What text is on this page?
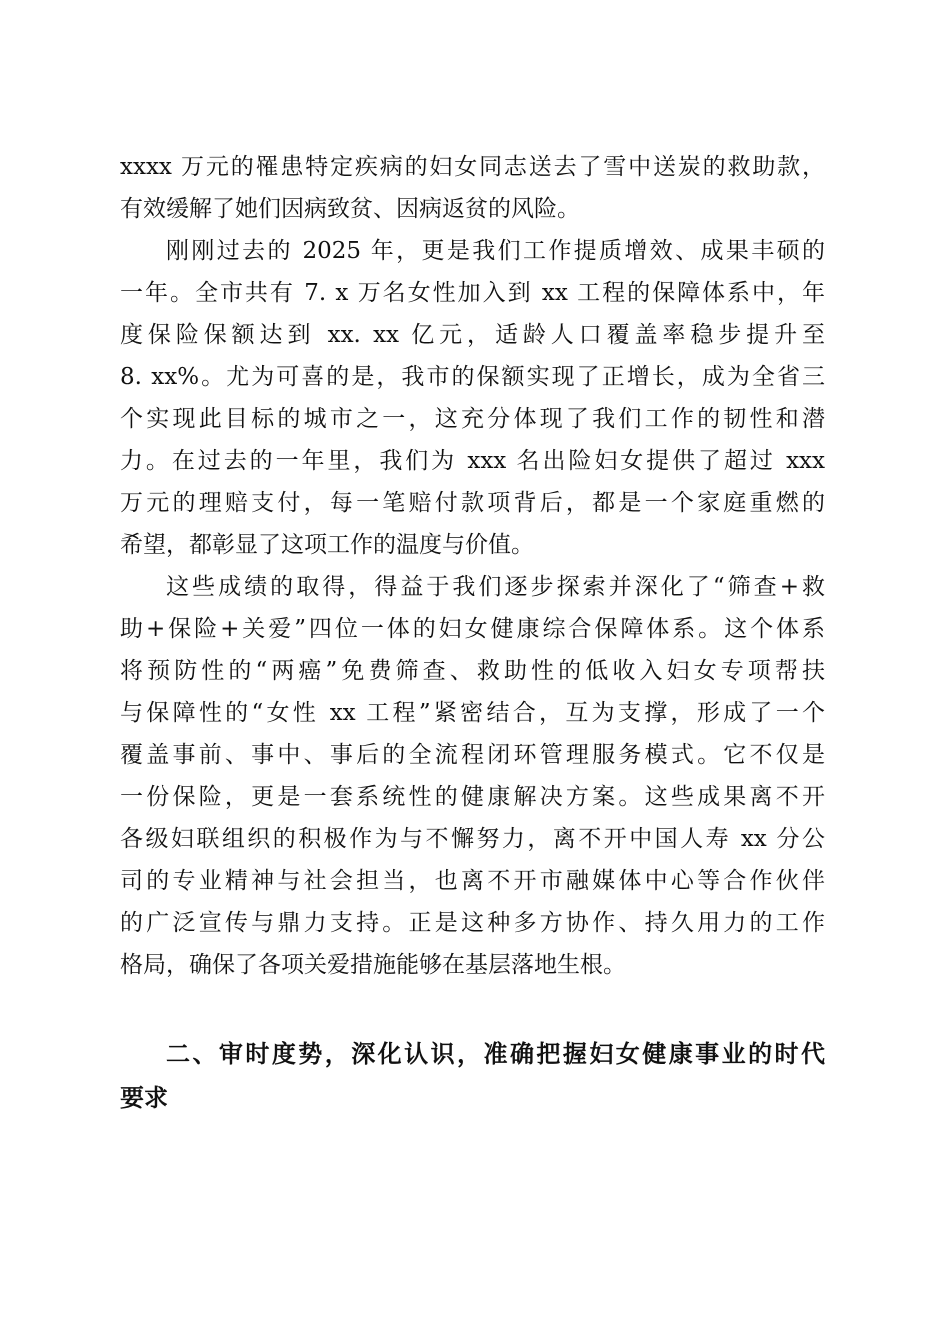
xxxx 万元的罹患特定疾病的妇女同志送去了雪中送炭的救助款，
有效缓解了她们因病致贫、因病返贫的风险。
刚刚过去的 2025 年，更是我们工作提质增效、成果丰硕的
一年。全市共有 7. x 万名女性加入到 xx 工程的保障体系中，年
度保险保额达到 xx. xx 亿元，适龄人口覆盖率稳步提升至
8. xx%。尤为可喜的是，我市的保额实现了正增长，成为全省三
个实现此目标的城市之一，这充分体现了我们工作的韧性和潜
力。在过去的一年里，我们为 xxx 名出险妇女提供了超过 xxx
万元的理赔支付，每一笔赔付款项背后，都是一个家庭重燃的
希望，都彰显了这项工作的温度与价值。
这些成绩的取得，得益于我们逐步探索并深化了“筛查+救
助+保险+关爱”四位一体的妇女健康综合保障体系。这个体系
将预防性的“两癌”免费筛查、救助性的低收入妇女专项帮扶
与保障性的“女性 xx 工程”紧密结合，互为支撑，形成了一个
覆盖事前、事中、事后的全流程闭环管理服务模式。它不仅是
一份保险，更是一套系统性的健康解决方案。这些成果离不开
各级妇联组织的积极作为与不懈努力，离不开中国人寿 xx 分公
司的专业精神与社会担当，也离不开市融媒体中心等合作伙伴
的广泛宣传与鼎力支持。正是这种多方协作、持久用力的工作
格局，确保了各项关爱措施能够在基层落地生根。
二、审时度势，深化认识，准确把握妇女健康事业的时代
要求
